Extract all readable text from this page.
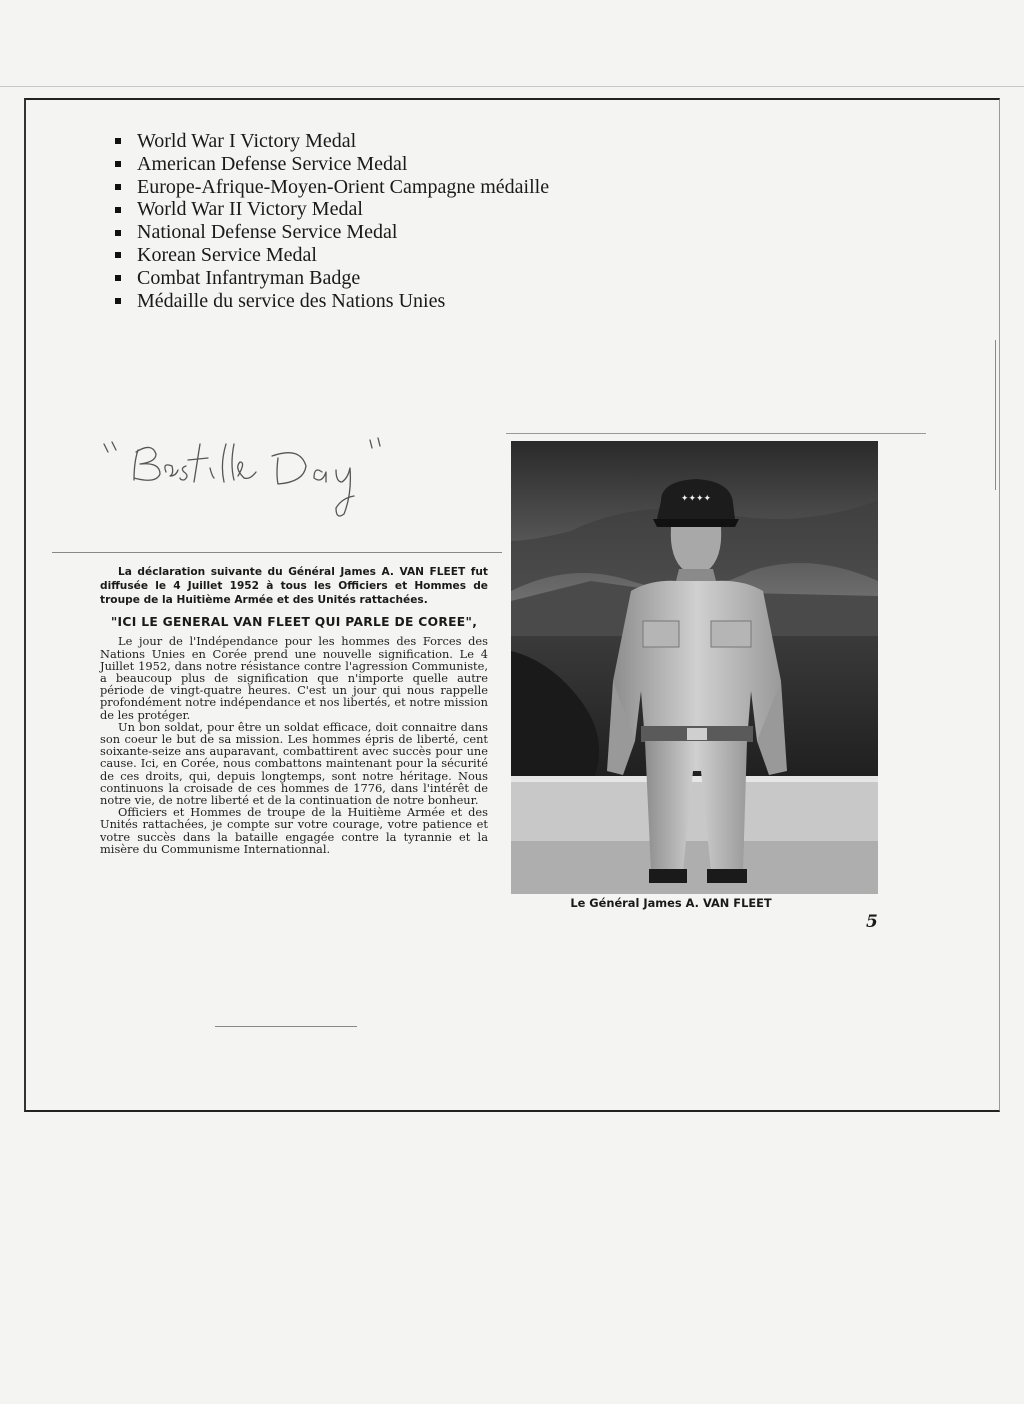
World War I Victory Medal
American Defense Service Medal
Europe-Afrique-Moyen-Orient Campagne médaille
World War II Victory Medal
National Defense Service Medal
Korean Service Medal
Combat Infantryman Badge
Médaille du service des Nations Unies

La déclaration suivante du Général James A. VAN FLEET fut diffusée le 4 Juillet 1952 à tous les Officiers et Hommes de troupe de la Huitième Armée et des Unités rattachées.

"ICI LE GENERAL VAN FLEET QUI PARLE DE COREE",

Le jour de l'Indépendance pour les hommes des Forces des Nations Unies en Corée prend une nouvelle signification. Le 4 Juillet 1952, dans notre résistance contre l'agression Communiste, a beaucoup plus de signification que n'importe quelle autre période de vingt-quatre heures. C'est un jour qui nous rappelle profondément notre indépendance et nos libertés, et notre mission de les protéger.

Un bon soldat, pour être un soldat efficace, doit connaitre dans son coeur le but de sa mission. Les hommes épris de liberté, cent soixante-seize ans auparavant, combattirent avec succès pour une cause. Ici, en Corée, nous combattons maintenant pour la sécurité de ces droits, qui, depuis longtemps, sont notre héritage. Nous continuons la croisade de ces hommes de 1776, dans l'intérêt de notre vie, de notre liberté et de la continuation de notre bonheur.

Officiers et Hommes de troupe de la Huitième Armée et des Unités rattachées, je compte sur votre courage, votre patience et votre succès dans la bataille engagée contre la tyrannie et la misère du Communisme Internationnal.

✦✦✦✦
Le Général James A. VAN FLEET
5
